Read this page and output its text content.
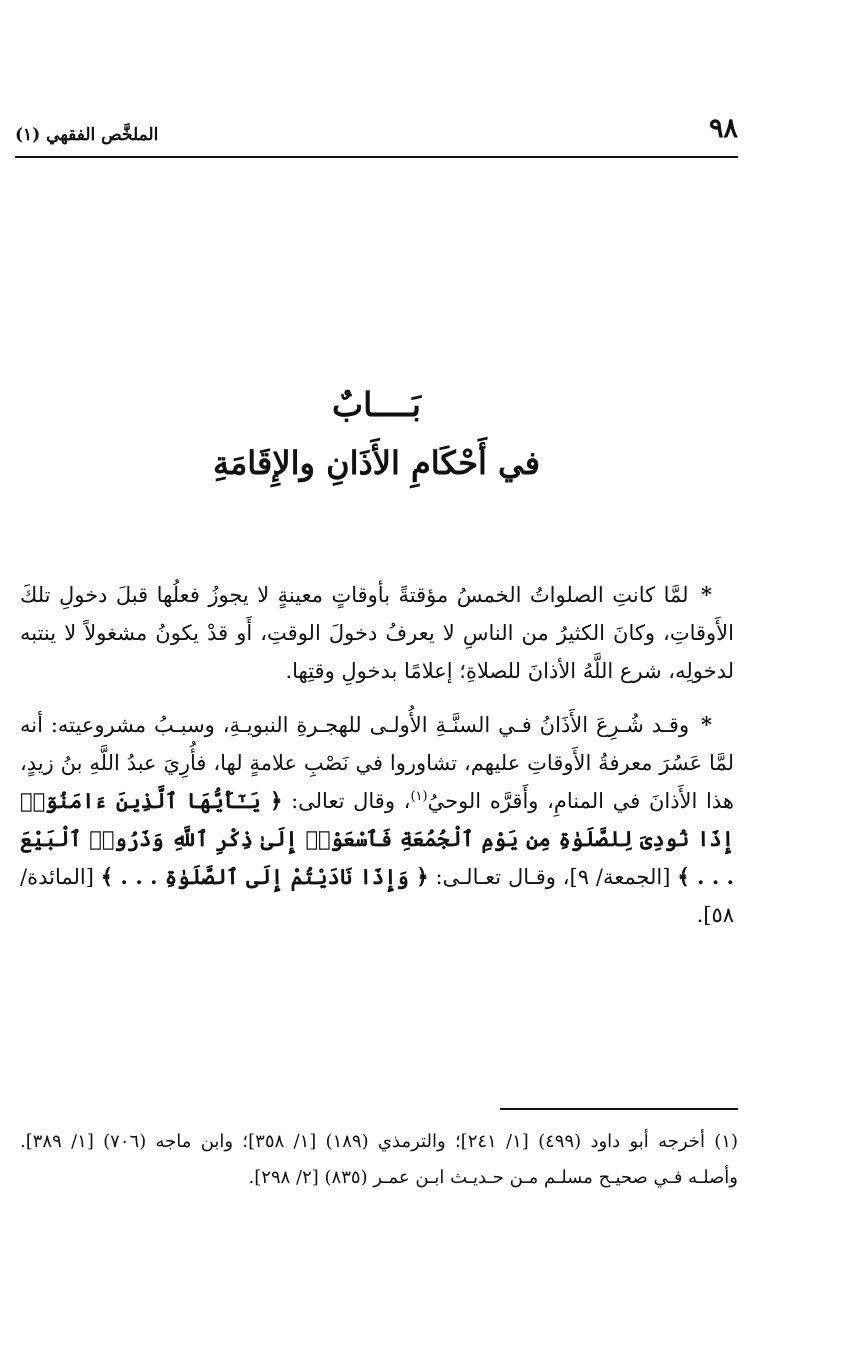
٩٨
الملخَّص الفقهي (١)
بَــــابٌ
في أَحْكَامِ الأَذَانِ والإِقَامَةِ

* لمَّا كانتِ الصلواتُ الخمسُ مؤقتةً بأوقاتٍ معينةٍ لا يجوزُ فعلُها قبلَ دخولِ تلكَ الأَوقاتِ، وكانَ الكثيرُ من الناسِ لا يعرفُ دخولَ الوقتِ، أَو قدْ يكونُ مشغولاً لا ينتبه لدخولِه، شرع اللَّهُ الأذانَ للصلاةِ؛ إعلامًا بدخولِ وقتِها.

* وقـد شُـرِعَ الأَذَانُ فـي السنَّـةِ الأُولـى للهجـرةِ النبويـةِ، وسبـبُ مشروعيته: أنه لمَّا عَسُرَ معرفةُ الأَوقاتِ عليهم، تشاوروا في نَصْبِ علامةٍ لها، فأُرِيَ عبدُ اللَّهِ بنُ زيدٍ، هذا الأَذانَ في المنامِ، وأَقرَّه الوحيُ$^{(١)}$، وقال تعالى: ﴿ يَـٰٓأَيُّهَا ٱلَّذِينَ ءَامَنُوٓا۟ إِذَا نُودِىَ لِلصَّلَوٰةِ مِن يَوْمِ ٱلْجُمُعَةِ فَٱسْعَوْا۟ إِلَىٰ ذِكْرِ ٱللَّهِ وَذَرُوا۟ ٱلْبَيْعَ . . . ﴾ [الجمعة/ ٩]، وقـال تعـالـى: ﴿ وَإِذَا نَادَيْتُمْ إِلَى ٱلصَّلَوٰةِ . . . ﴾ [المائدة/ ٥٨].

(١) أخرجه أبو داود (٤٩٩) [١/ ٢٤١]؛ والترمذي (١٨٩) [١/ ٣٥٨]؛ وابن ماجه (٧٠٦) [١/ ٣٨٩]. وأصلـه فـي صحيـح مسلـم مـن حـديـث ابـن عمـر (٨٣٥) [٢/ ٢٩٨].
